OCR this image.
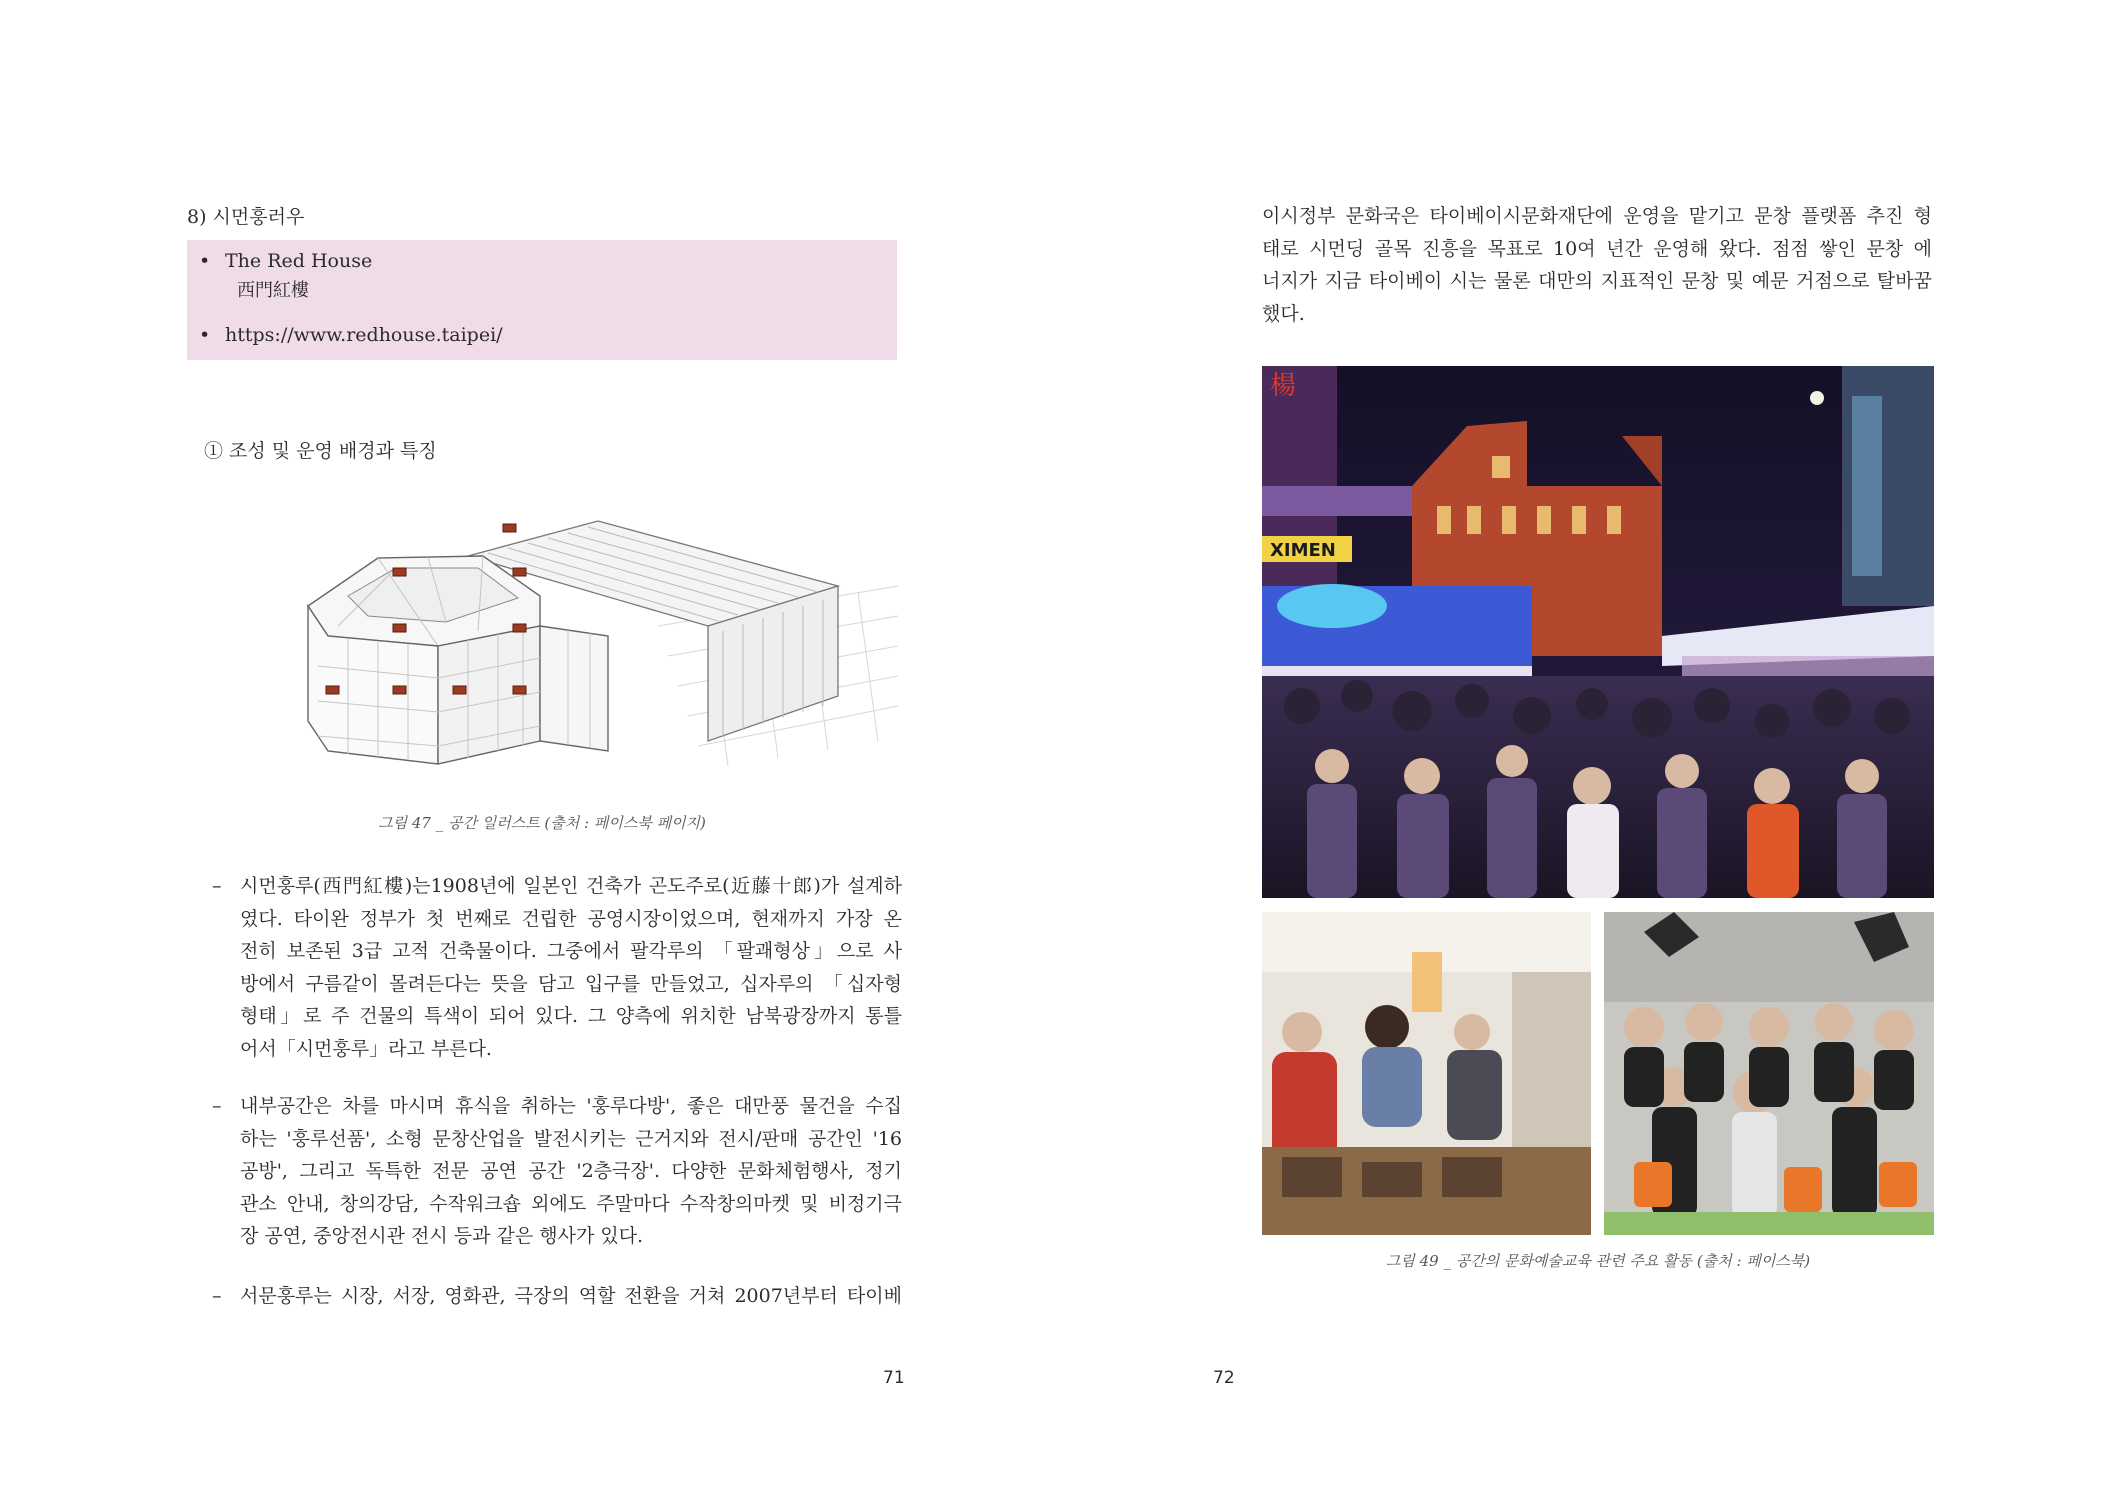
8) 시먼훙러우
• The Red House
西門紅樓
• https://www.redhouse.taipei/
① 조성 및 운영 배경과 특징
그림 47 _ 공간 일러스트 (출처 : 페이스북 페이지)
– 시먼훙루(西門紅樓)는1908년에 일본인 건축가 곤도주로(近藤十郎)가 설계하
였다. 타이완 정부가 첫 번째로 건립한 공영시장이었으며, 현재까지 가장 온
전히 보존된 3급 고적 건축물이다. 그중에서 팔각루의 「팔괘형상」으로 사
방에서 구름같이 몰려든다는 뜻을 담고 입구를 만들었고, 십자루의 「십자형
형태」로 주 건물의 특색이 되어 있다. 그 양측에 위치한 남북광장까지 통틀
어서「시먼훙루」라고 부른다.
– 내부공간은 차를 마시며 휴식을 취하는 '훙루다방', 좋은 대만풍 물건을 수집
하는 '훙루선품', 소형 문창산업을 발전시키는 근거지와 전시/판매 공간인 '16
공방', 그리고 독특한 전문 공연 공간 '2층극장'. 다양한 문화체험행사, 정기
관소 안내, 창의강담, 수작워크숍 외에도 주말마다 수작창의마켓 및 비정기극
장 공연, 중앙전시관 전시 등과 같은 행사가 있다.
– 서문훙루는 시장, 서장, 영화관, 극장의 역할 전환을 거쳐 2007년부터 타이베
71	72
이시정부 문화국은 타이베이시문화재단에 운영을 맡기고 문창 플랫폼 추진 형
태로 시먼딩 골목 진흥을 목표로 10여 년간 운영해 왔다. 점점 쌓인 문창 에
너지가 지금 타이베이 시는 물론 대만의 지표적인 문창 및 예문 거점으로 탈바꿈
했다.
楊
XIMEN
그림 49 _ 공간의 문화예술교육 관련 주요 활동 (출처 : 페이스북)
